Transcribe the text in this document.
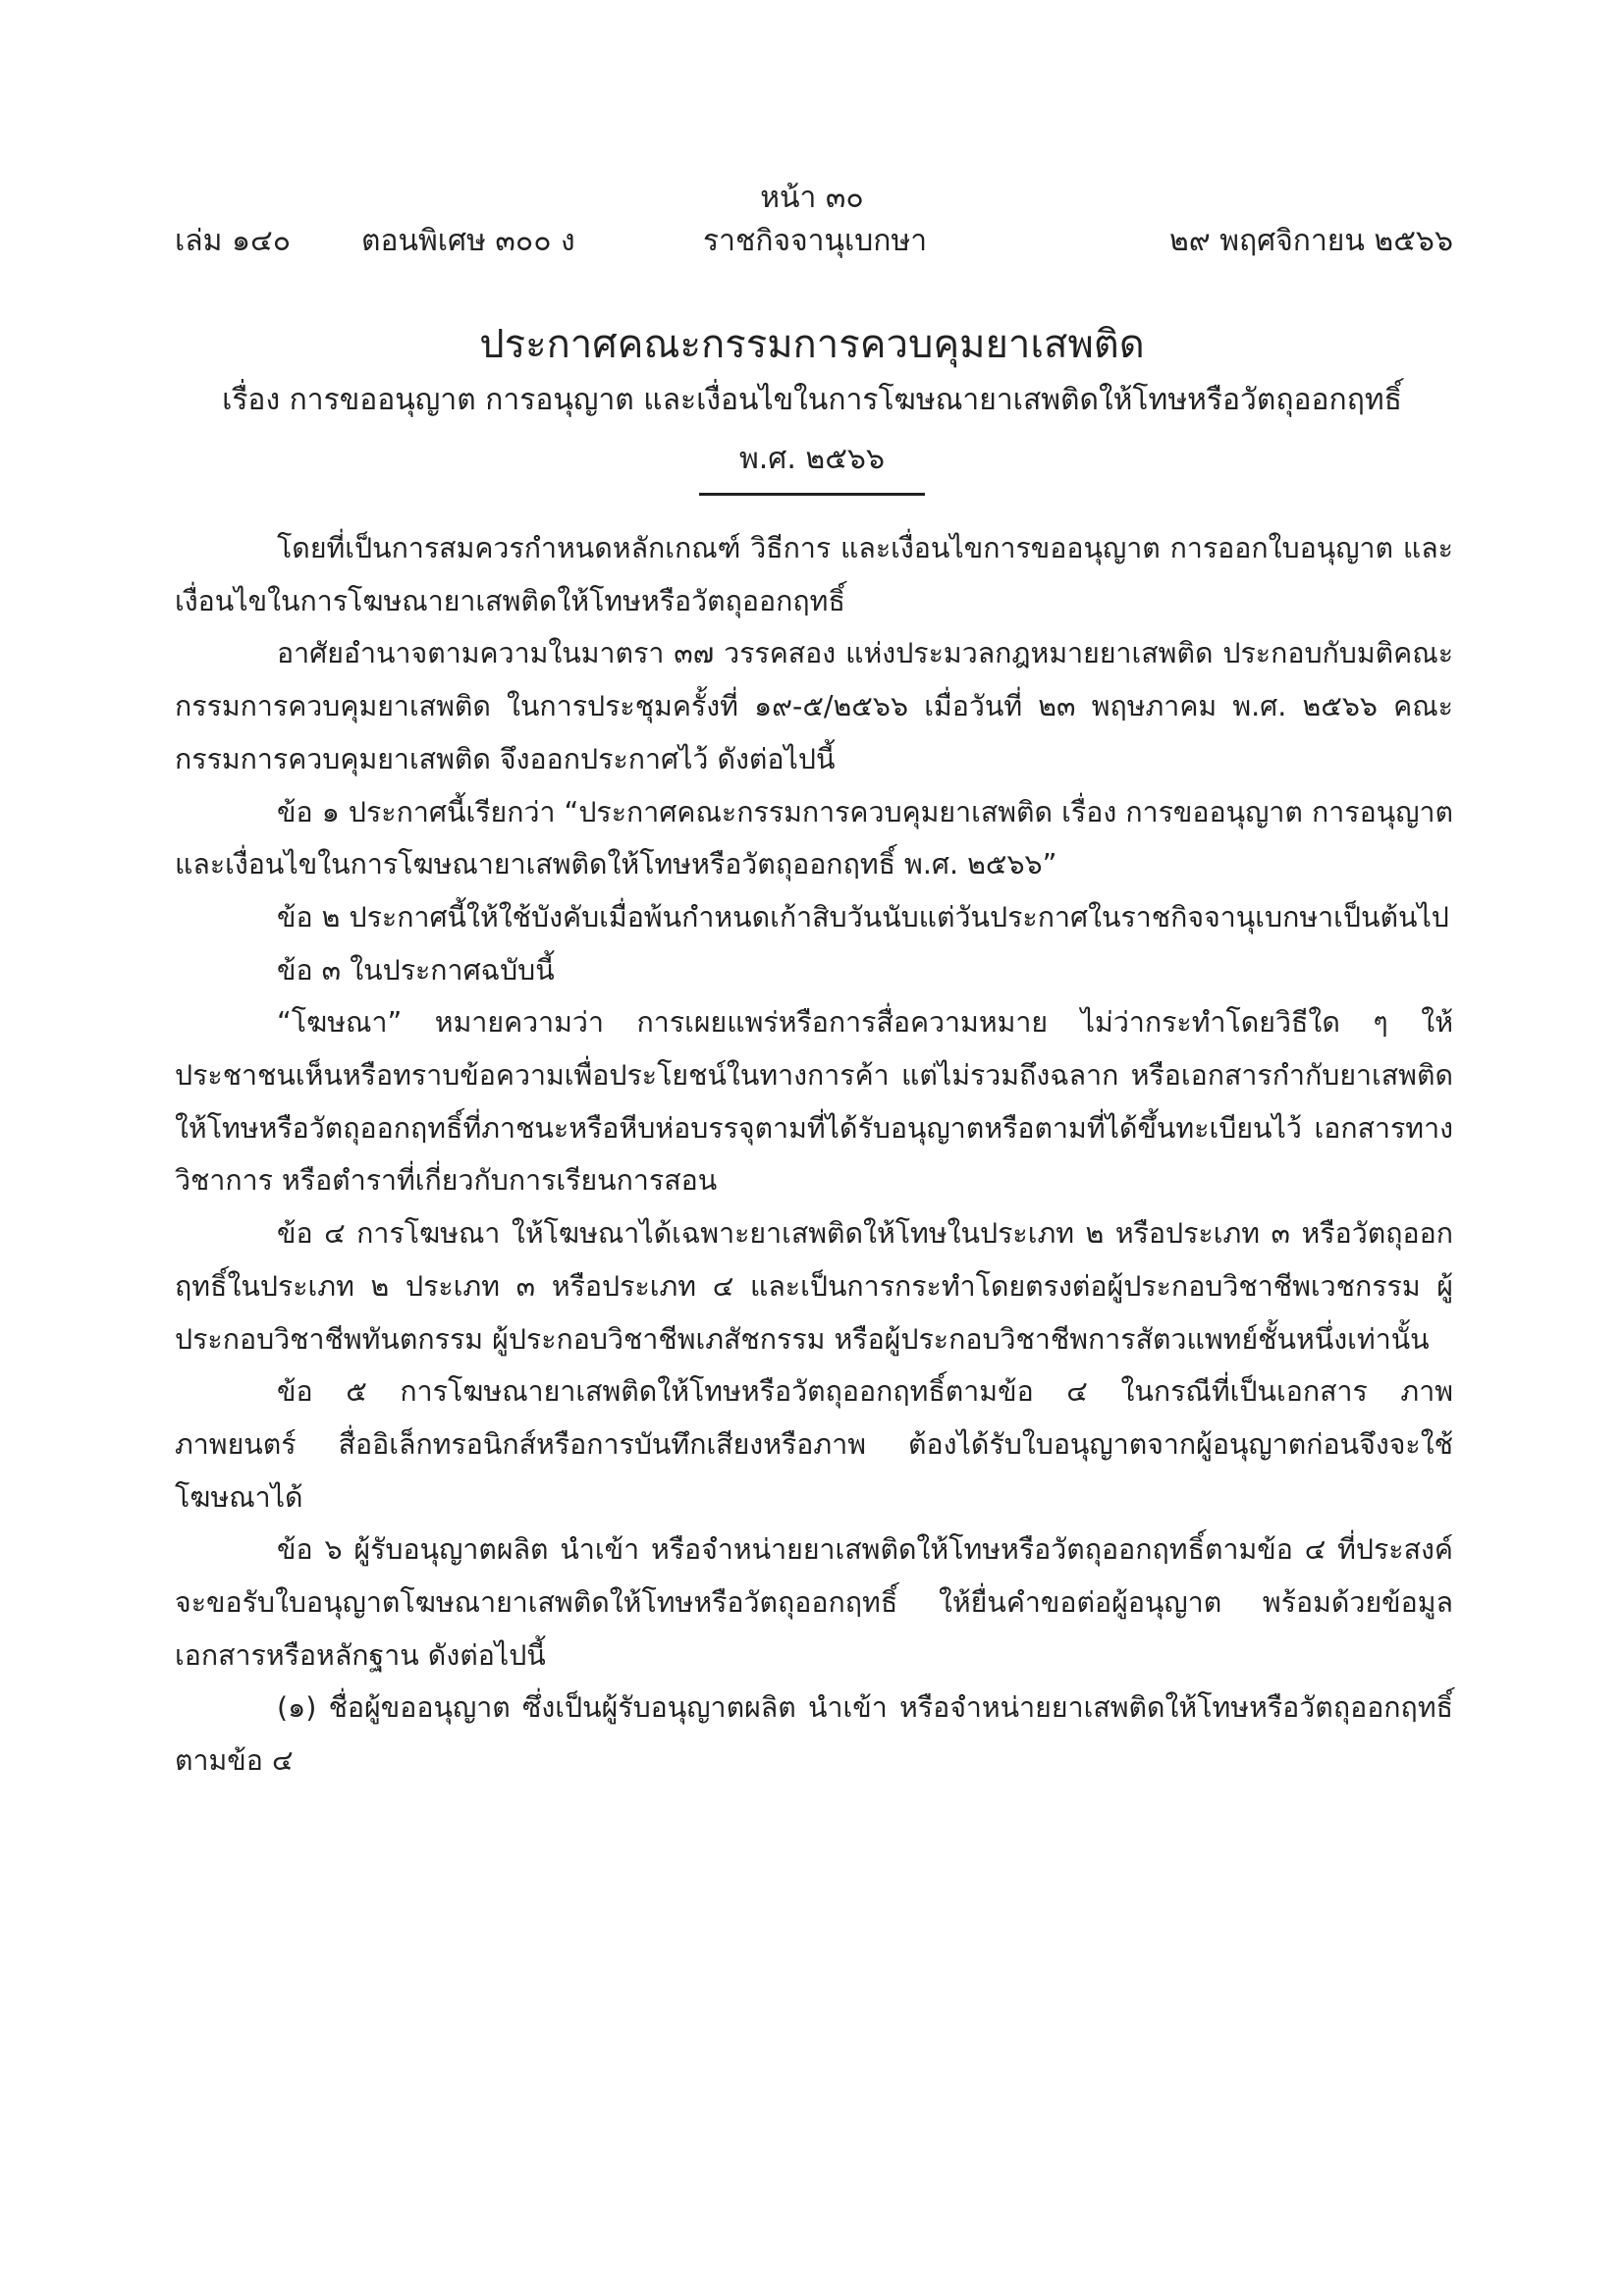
หน้า ๓๐
เล่ม ๑๔๐ ตอนพิเศษ ๓๐๐ ง	ราชกิจจานุเบกษา	๒๙ พฤศจิกายน ๒๕๖๖
ประกาศคณะกรรมการควบคุมยาเสพติด
เรื่อง การขออนุญาต การอนุญาต และเงื่อนไขในการโฆษณายาเสพติดให้โทษหรือวัตถุออกฤทธิ์
พ.ศ. ๒๕๖๖

โดยที่เป็นการสมควรกำหนดหลักเกณฑ์ วิธีการ และเงื่อนไขการขออนุญาต การออกใบอนุญาต และเงื่อนไขในการโฆษณายาเสพติดให้โทษหรือวัตถุออกฤทธิ์

อาศัยอำนาจตามความในมาตรา ๓๗ วรรคสอง แห่งประมวลกฎหมายยาเสพติด ประกอบกับมติคณะกรรมการควบคุมยาเสพติด ในการประชุมครั้งที่ ๑๙-๕/๒๕๖๖ เมื่อวันที่ ๒๓ พฤษภาคม พ.ศ. ๒๕๖๖ คณะกรรมการควบคุมยาเสพติด จึงออกประกาศไว้ ดังต่อไปนี้

ข้อ ๑ ประกาศนี้เรียกว่า “ประกาศคณะกรรมการควบคุมยาเสพติด เรื่อง การขออนุญาต การอนุญาต และเงื่อนไขในการโฆษณายาเสพติดให้โทษหรือวัตถุออกฤทธิ์ พ.ศ. ๒๕๖๖”

ข้อ ๒ ประกาศนี้ให้ใช้บังคับเมื่อพ้นกำหนดเก้าสิบวันนับแต่วันประกาศในราชกิจจานุเบกษาเป็นต้นไป

ข้อ ๓ ในประกาศฉบับนี้

“โฆษณา” หมายความว่า การเผยแพร่หรือการสื่อความหมาย ไม่ว่ากระทำโดยวิธีใด ๆ ให้ประชาชนเห็นหรือทราบข้อความเพื่อประโยชน์ในทางการค้า แต่ไม่รวมถึงฉลาก หรือเอกสารกำกับยาเสพติดให้โทษหรือวัตถุออกฤทธิ์ที่ภาชนะหรือหีบห่อบรรจุตามที่ได้รับอนุญาตหรือตามที่ได้ขึ้นทะเบียนไว้ เอกสารทางวิชาการ หรือตำราที่เกี่ยวกับการเรียนการสอน

ข้อ ๔ การโฆษณา ให้โฆษณาได้เฉพาะยาเสพติดให้โทษในประเภท ๒ หรือประเภท ๓ หรือวัตถุออกฤทธิ์ในประเภท ๒ ประเภท ๓ หรือประเภท ๔ และเป็นการกระทำโดยตรงต่อผู้ประกอบวิชาชีพเวชกรรม ผู้ประกอบวิชาชีพทันตกรรม ผู้ประกอบวิชาชีพเภสัชกรรม หรือผู้ประกอบวิชาชีพการสัตวแพทย์ชั้นหนึ่งเท่านั้น

ข้อ ๕ การโฆษณายาเสพติดให้โทษหรือวัตถุออกฤทธิ์ตามข้อ ๔ ในกรณีที่เป็นเอกสาร ภาพ ภาพยนตร์ สื่ออิเล็กทรอนิกส์หรือการบันทึกเสียงหรือภาพ ต้องได้รับใบอนุญาตจากผู้อนุญาตก่อนจึงจะใช้โฆษณาได้

ข้อ ๖ ผู้รับอนุญาตผลิต นำเข้า หรือจำหน่ายยาเสพติดให้โทษหรือวัตถุออกฤทธิ์ตามข้อ ๔ ที่ประสงค์จะขอรับใบอนุญาตโฆษณายาเสพติดให้โทษหรือวัตถุออกฤทธิ์ ให้ยื่นคำขอต่อผู้อนุญาต พร้อมด้วยข้อมูล เอกสารหรือหลักฐาน ดังต่อไปนี้

(๑) ชื่อผู้ขออนุญาต ซึ่งเป็นผู้รับอนุญาตผลิต นำเข้า หรือจำหน่ายยาเสพติดให้โทษหรือวัตถุออกฤทธิ์ตามข้อ ๔
